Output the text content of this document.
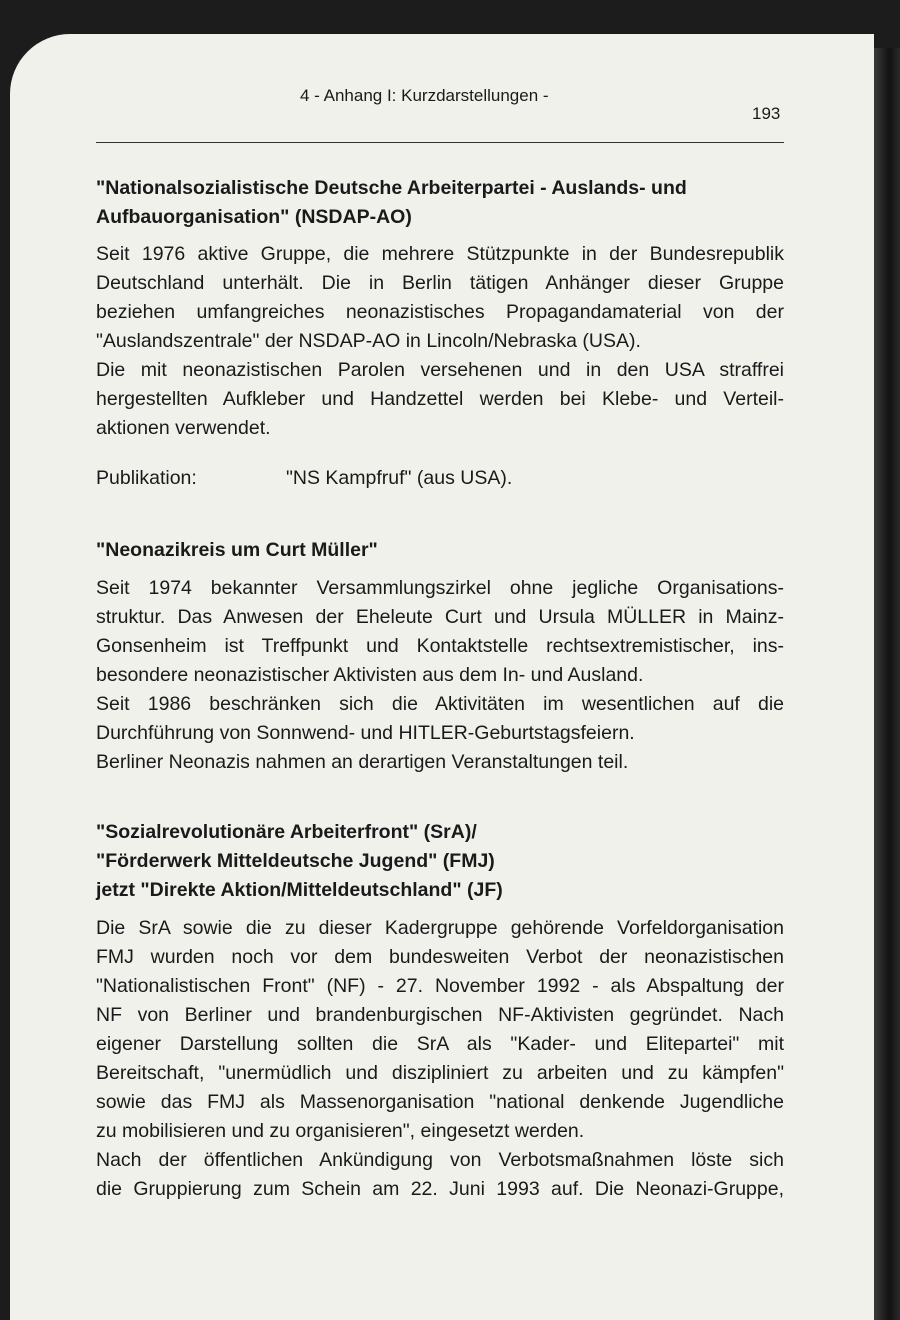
4 - Anhang I: Kurzdarstellungen -
193
"Nationalsozialistische Deutsche Arbeiterpartei - Auslands- und
Aufbauorganisation" (NSDAP-AO)
Seit 1976 aktive Gruppe, die mehrere Stützpunkte in der Bundesrepublik
Deutschland unterhält. Die in Berlin tätigen Anhänger dieser Gruppe
beziehen umfangreiches neonazistisches Propagandamaterial von der
"Auslandszentrale" der NSDAP-AO in Lincoln/Nebraska (USA).
Die mit neonazistischen Parolen versehenen und in den USA straffrei
hergestellten Aufkleber und Handzettel werden bei Klebe- und Verteil-
aktionen verwendet.
Publikation:	"NS Kampfruf" (aus USA).
"Neonazikreis um Curt Müller"
Seit 1974 bekannter Versammlungszirkel ohne jegliche Organisations-
struktur. Das Anwesen der Eheleute Curt und Ursula MÜLLER in Mainz-
Gonsenheim ist Treffpunkt und Kontaktstelle rechtsextremistischer, ins-
besondere neonazistischer Aktivisten aus dem In- und Ausland.
Seit 1986 beschränken sich die Aktivitäten im wesentlichen auf die
Durchführung von Sonnwend- und HITLER-Geburtstagsfeiern.
Berliner Neonazis nahmen an derartigen Veranstaltungen teil.
"Sozialrevolutionäre Arbeiterfront" (SrA)/
"Förderwerk Mitteldeutsche Jugend" (FMJ)
jetzt "Direkte Aktion/Mitteldeutschland" (JF)
Die SrA sowie die zu dieser Kadergruppe gehörende Vorfeldorganisation
FMJ wurden noch vor dem bundesweiten Verbot der neonazistischen
"Nationalistischen Front" (NF) - 27. November 1992 - als Abspaltung der
NF von Berliner und brandenburgischen NF-Aktivisten gegründet. Nach
eigener Darstellung sollten die SrA als "Kader- und Elitepartei" mit
Bereitschaft, "unermüdlich und diszipliniert zu arbeiten und zu kämpfen"
sowie das FMJ als Massenorganisation "national denkende Jugendliche
zu mobilisieren und zu organisieren", eingesetzt werden.
Nach der öffentlichen Ankündigung von Verbotsmaßnahmen löste sich
die Gruppierung zum Schein am 22. Juni 1993 auf. Die Neonazi-Gruppe,
